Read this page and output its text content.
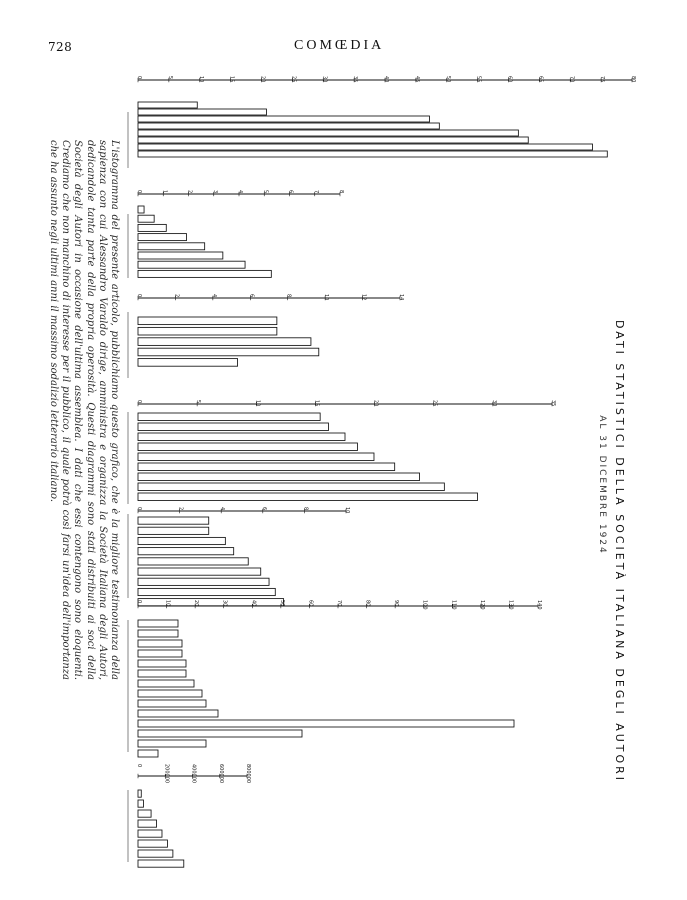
728	COMŒDIA
L'istogramma del presente articolo, pubblichiamo questo grafico, che è la migliore testimonianza della sapienza con cui Alessandro Varaldo dirige, amministra e organizza la Società Italiana degli Autori, dedicandole tanta parte della propria operosità. Questi diagrammi sono stati distribuiti ai soci della Società degli Autori in occasione dell'ultima assemblea. I dati che essi contengono sono eloquenti. Crediamo che non manchino di interesse per il pubblico, il quale potrà così farsi un'idea dell'importanza che ha assunto negli ultimi anni il massimo sodalizio letterario italiano.	DATI STATISTICI DELLA SOCIETÀ ITALIANA DEGLI AUTORI
AL 31 DICEMBRE 1924
0	5	10	15	20	25	30	35	40	45	50	55	60	65	70	75	80
0	1	2	3	4	5	6	7	8
0	2	4	6	8	10	12	14
0	5	10	15	20	25	30	35
0	2	4	6	8	10
0	10	20	30	40	50	60	70	80	90	100	110	120	130	140
0	200000	400000	600000	800000
